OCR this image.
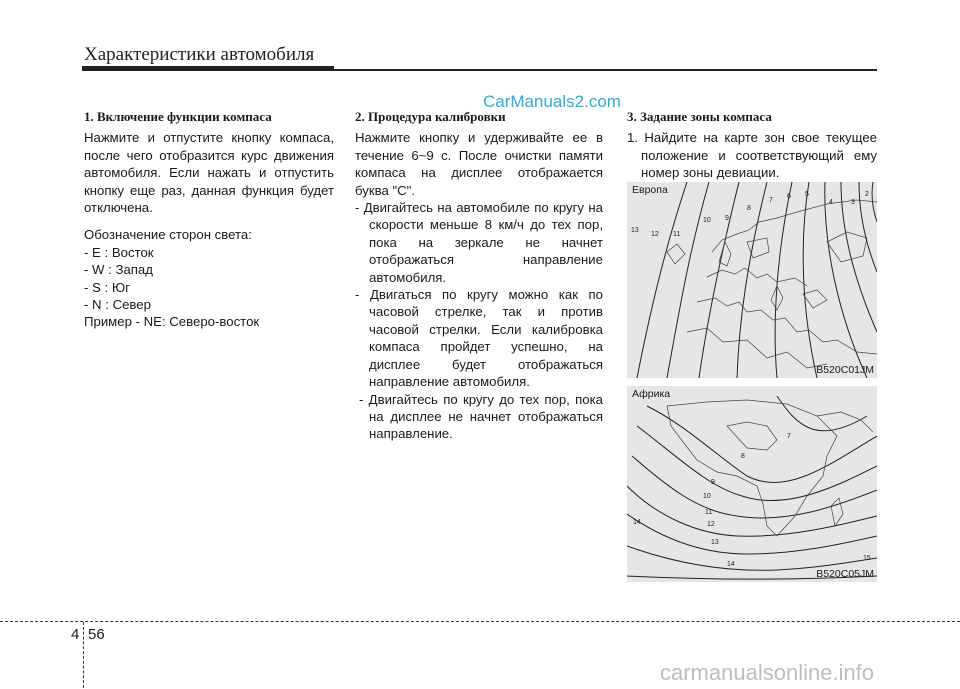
Характеристики автомобиля
CarManuals2.com
1. Включение функции компаса
Нажмите и отпустите кнопку компаса, после чего отобразится курс движения автомобиля. Если нажать и отпустить кнопку еще раз, данная функция будет отключена.
Обозначение сторон света:
- E : Восток
- W : Запад
- S : Юг
- N : Север
Пример - NE: Северо-восток
2. Процедура калибровки
Нажмите кнопку и удерживайте ее в течение 6~9 с. После очистки памяти компаса на дисплее отображается буква "C".
- Двигайтесь на автомобиле по кругу на скорости меньше 8 км/ч до тех пор, пока на зеркале не начнет отображаться направление автомобиля.
- Двигаться по кругу можно как по часовой стрелке, так и против часовой стрелки. Если калибровка компаса пройдет успешно, на дисплее будет отображаться направление автомобиля.
- Двигайтесь по кругу до тех пор, пока на дисплее не начнет отображаться направление.
3. Задание зоны компаса
1. Найдите на карте зон свое текущее положение и соответствующий ему номер зоны девиации.
Европа
13
12 11
10 9
8
7
6 5
4	3
2
B520C01JM
Африка
7
8
9
10
11
12
13
14
14
15
B520C05JM
4 56
carmanualsonline.info
